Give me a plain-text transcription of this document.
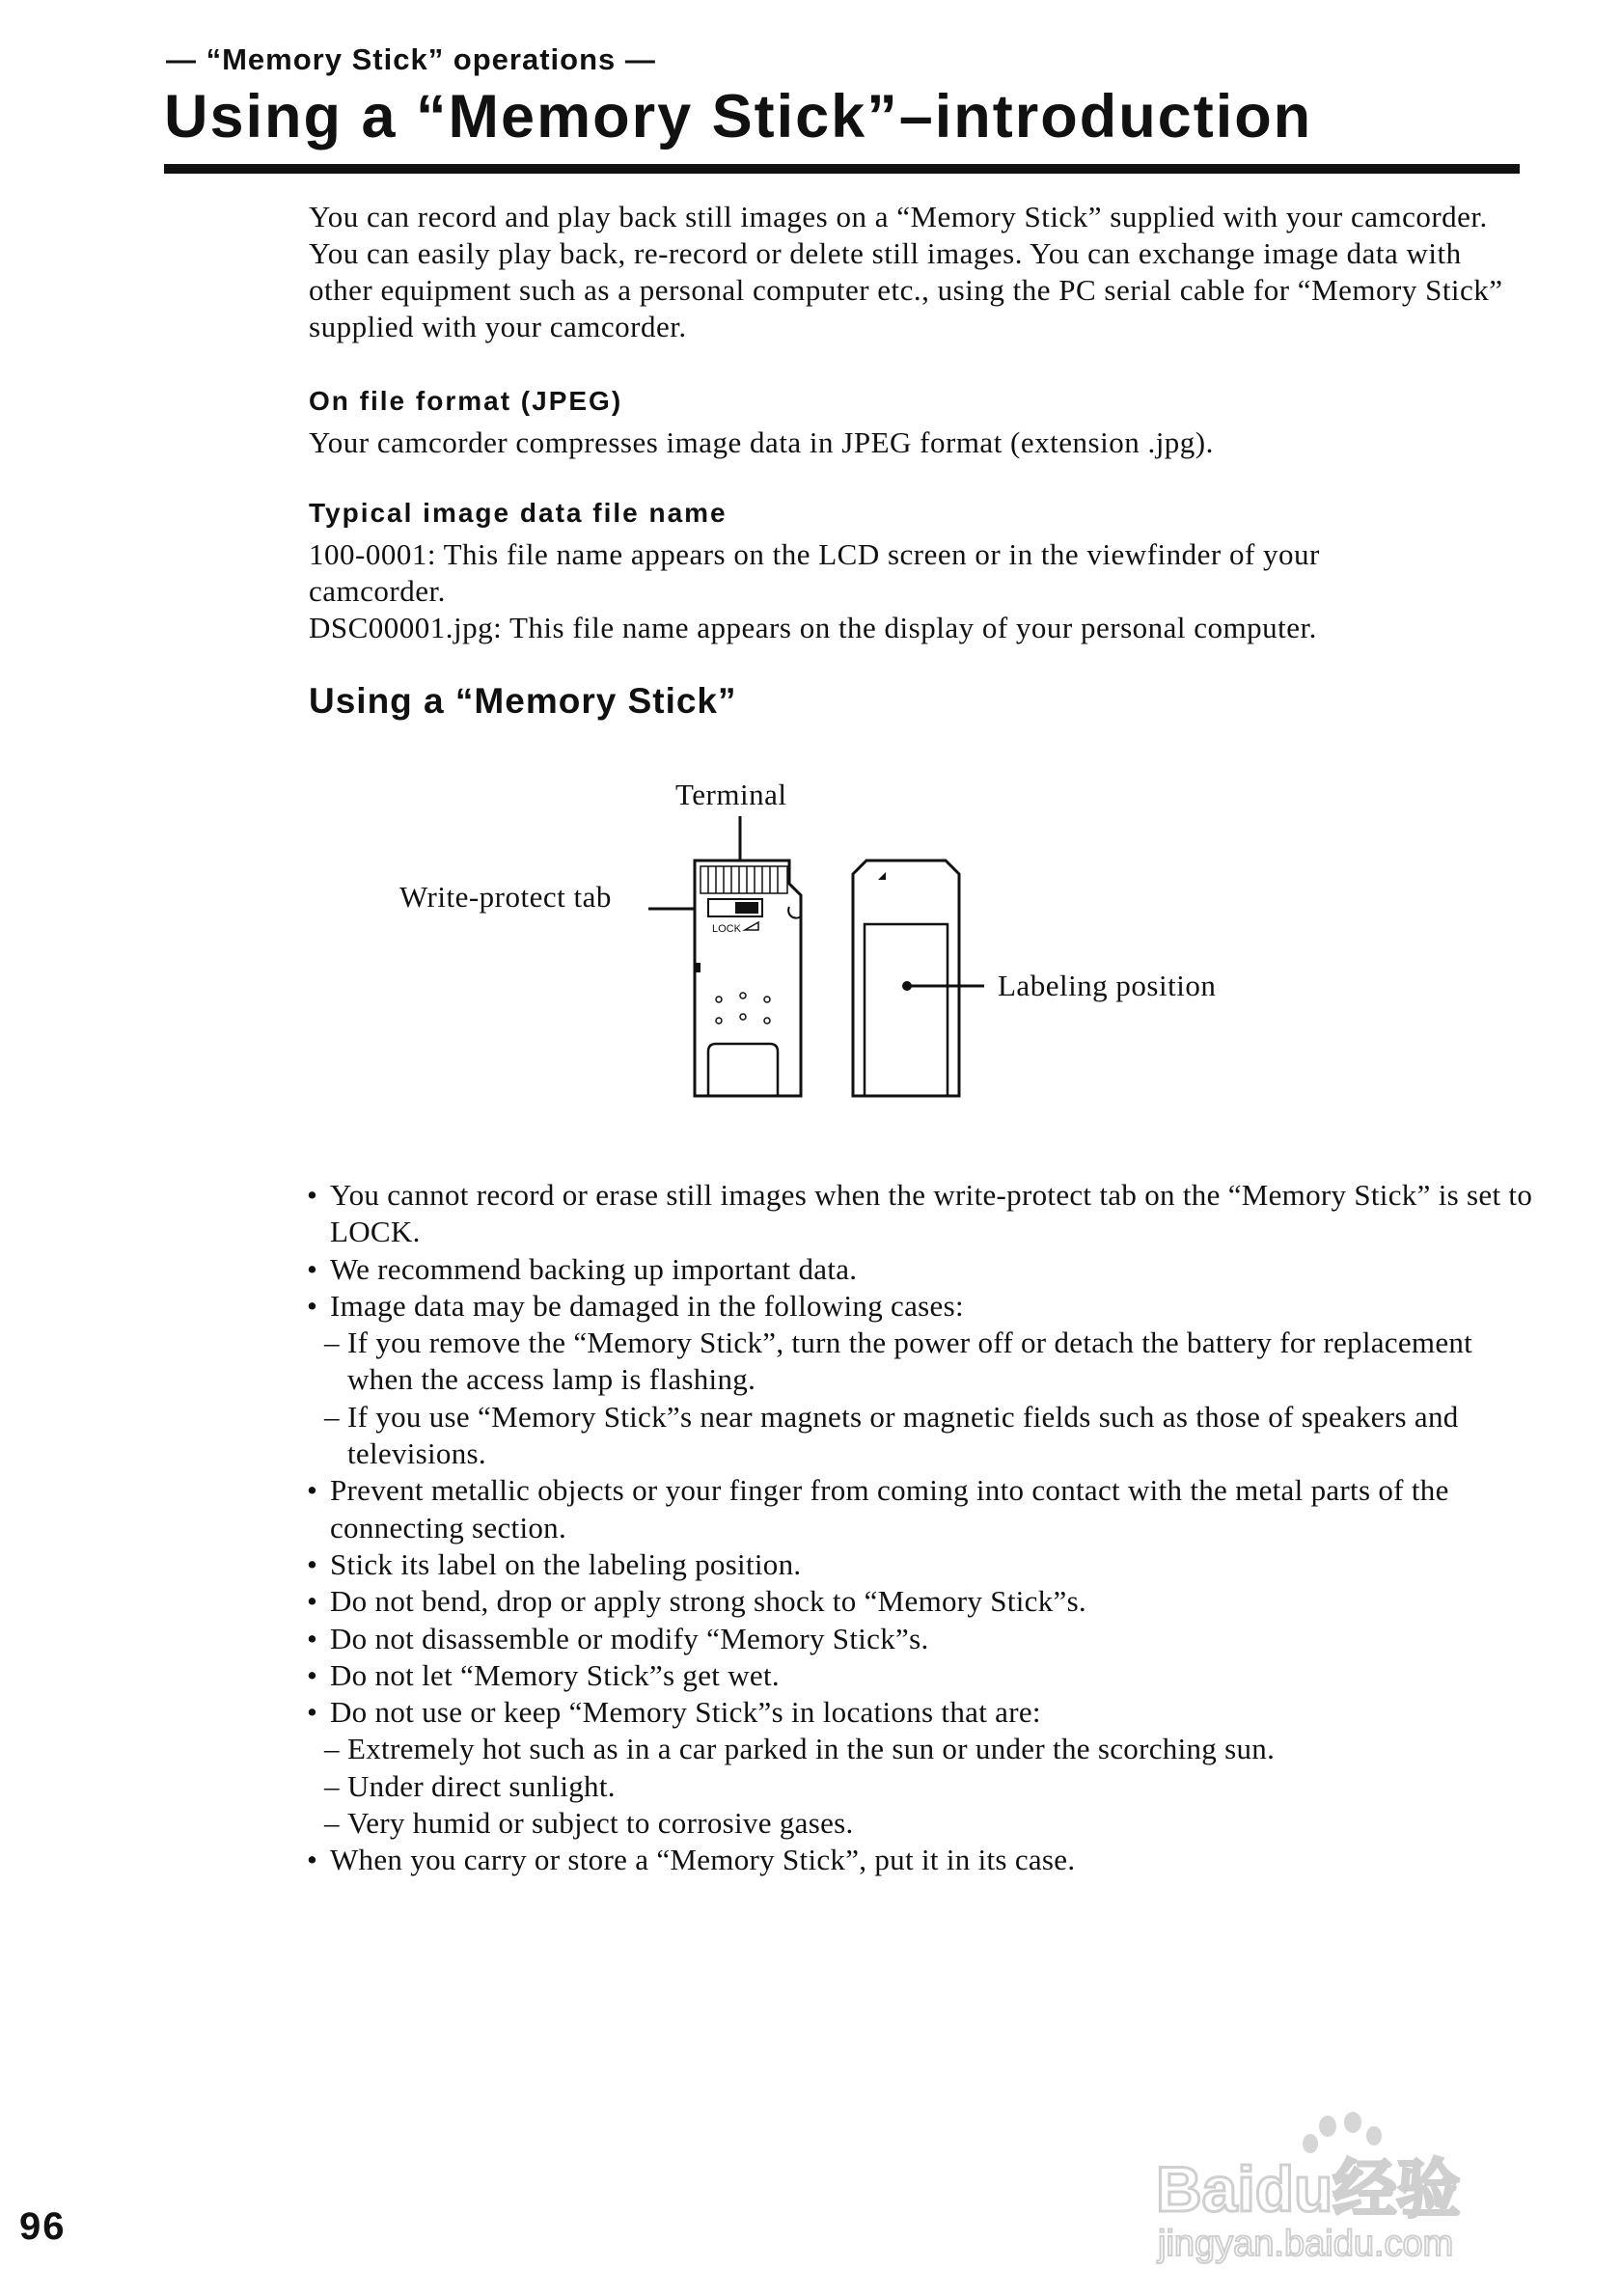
— “Memory Stick” operations —
Using a “Memory Stick”–introduction

You can record and play back still images on a “Memory Stick” supplied with your camcorder. You can easily play back, re-record or delete still images. You can exchange image data with other equipment such as a personal computer etc., using the PC serial cable for “Memory Stick” supplied with your camcorder.

On file format (JPEG)

Your camcorder compresses image data in JPEG format (extension .jpg).

Typical image data file name

100-0001: This file name appears on the LCD screen or in the viewfinder of your camcorder.

DSC00001.jpg: This file name appears on the display of your personal computer.

Using a “Memory Stick”
Terminal
Write-protect tab
LOCK
Labeling position
• You cannot record or erase still images when the write-protect tab on the “Memory Stick” is set to LOCK.
• We recommend backing up important data.
• Image data may be damaged in the following cases:
– If you remove the “Memory Stick”, turn the power off or detach the battery for replacement when the access lamp is flashing.
– If you use “Memory Stick”s near magnets or magnetic fields such as those of speakers and televisions.
• Prevent metallic objects or your finger from coming into contact with the metal parts of the connecting section.
• Stick its label on the labeling position.
• Do not bend, drop or apply strong shock to “Memory Stick”s.
• Do not disassemble or modify “Memory Stick”s.
• Do not let “Memory Stick”s get wet.
• Do not use or keep “Memory Stick”s in locations that are:
– Extremely hot such as in a car parked in the sun or under the scorching sun.
– Under direct sunlight.
– Very humid or subject to corrosive gases.
• When you carry or store a “Memory Stick”, put it in its case.
96
Baidu经验
jingyan.baidu.com
